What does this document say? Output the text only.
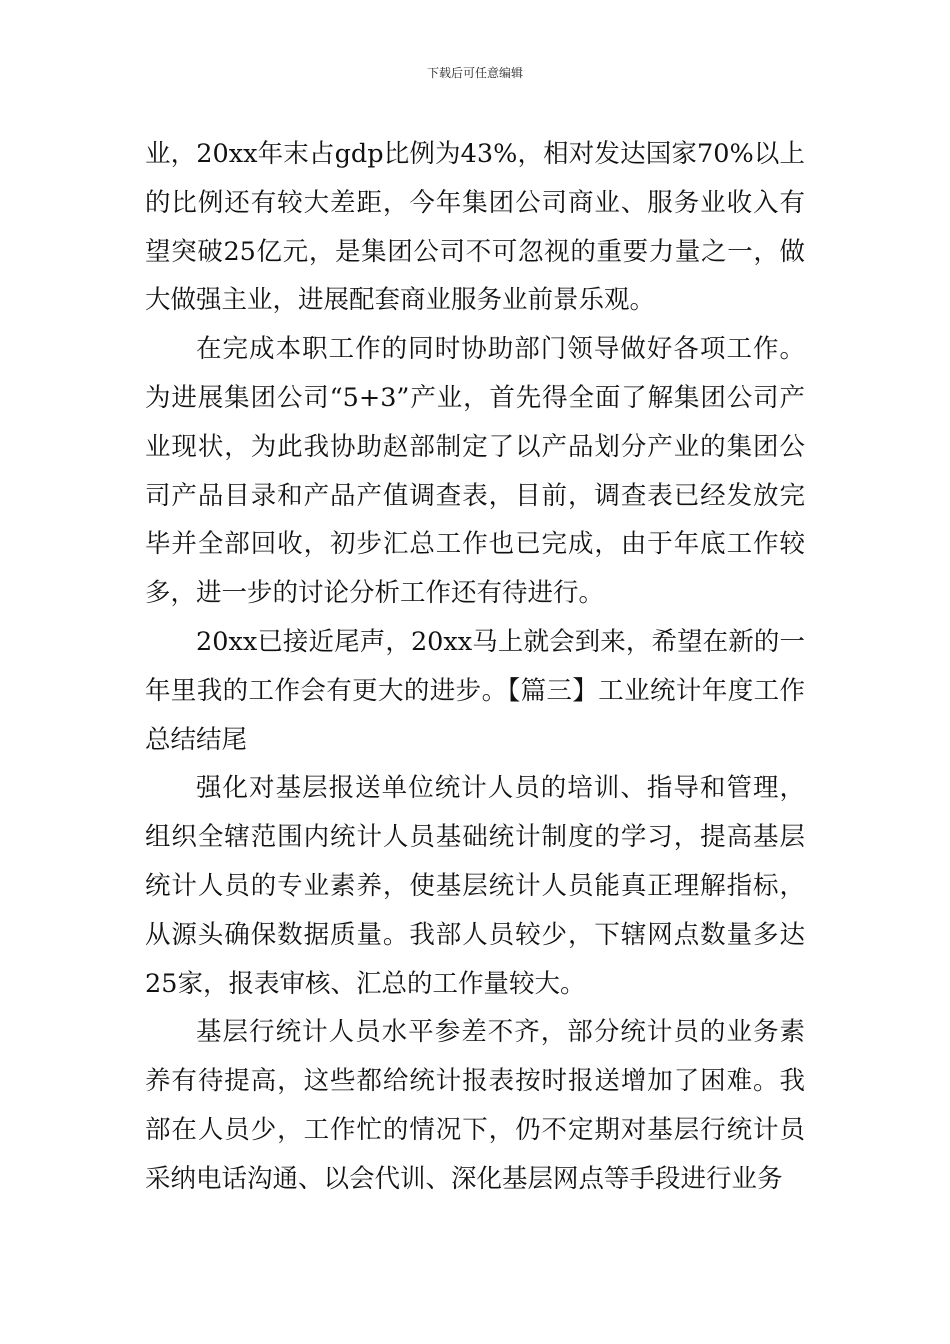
下载后可任意编辑

业，20xx年末占gdp比例为43%，相对发达国家70%以上的比例还有较大差距，今年集团公司商业、服务业收入有望突破25亿元，是集团公司不可忽视的重要力量之一，做大做强主业，进展配套商业服务业前景乐观。

在完成本职工作的同时协助部门领导做好各项工作。为进展集团公司“5+3”产业，首先得全面了解集团公司产业现状，为此我协助赵部制定了以产品划分产业的集团公司产品目录和产品产值调查表，目前，调查表已经发放完毕并全部回收，初步汇总工作也已完成，由于年底工作较多，进一步的讨论分析工作还有待进行。

20xx已接近尾声，20xx马上就会到来，希望在新的一年里我的工作会有更大的进步。【篇三】工业统计年度工作总结结尾

强化对基层报送单位统计人员的培训、指导和管理，组织全辖范围内统计人员基础统计制度的学习，提高基层统计人员的专业素养，使基层统计人员能真正理解指标，从源头确保数据质量。我部人员较少，下辖网点数量多达25家，报表审核、汇总的工作量较大。

基层行统计人员水平参差不齐，部分统计员的业务素养有待提高，这些都给统计报表按时报送增加了困难。我部在人员少，工作忙的情况下，仍不定期对基层行统计员采纳电话沟通、以会代训、深化基层网点等手段进行业务
